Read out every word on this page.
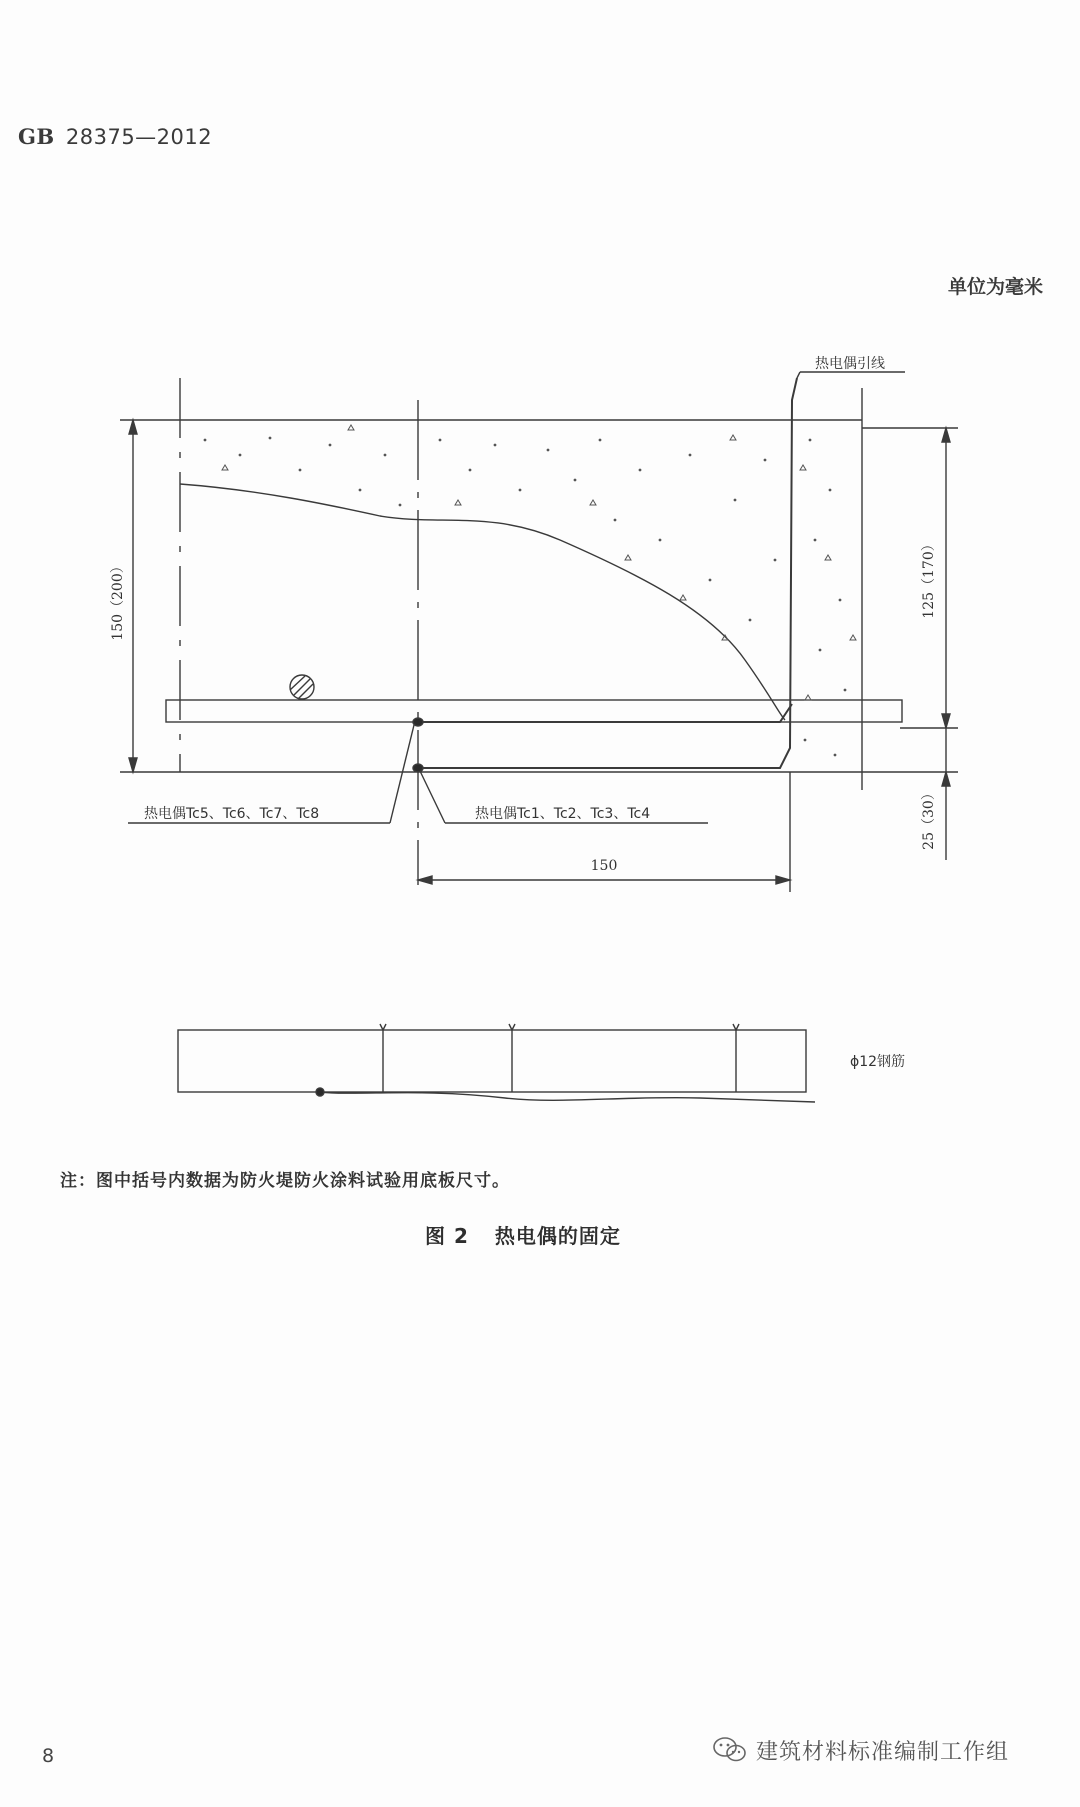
GB 28375—2012
单位为毫米
热电偶引线
150（200）	125（170）
25（30）
150
热电偶Tc5、Tc6、Tc7、Tc8	热电偶Tc1、Tc2、Tc3、Tc4
ϕ12钢筋
注：图中括号内数据为防火堤防火涂料试验用底板尺寸。
图 2 热电偶的固定
8	建筑材料标准编制工作组
